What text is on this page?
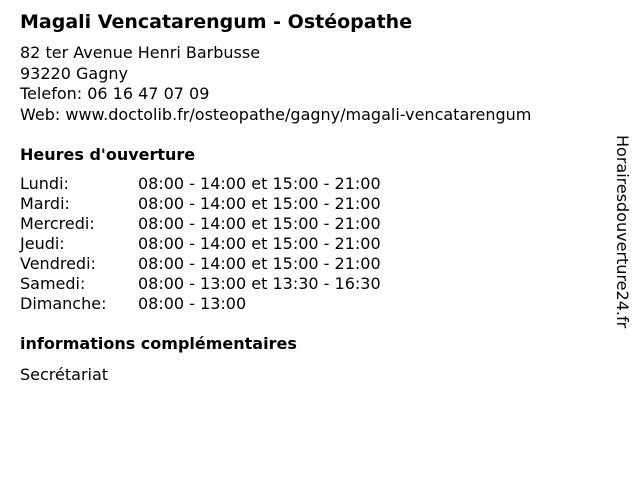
Magali Vencatarengum - Ostéopathe
82 ter Avenue Henri Barbusse
93220 Gagny
Telefon: 06 16 47 07 09
Web: www.doctolib.fr/osteopathe/gagny/magali-vencatarengum
Heures d'ouverture
Lundi:	08:00 - 14:00 et 15:00 - 21:00
Mardi:	08:00 - 14:00 et 15:00 - 21:00
Mercredi:	08:00 - 14:00 et 15:00 - 21:00
Jeudi:	08:00 - 14:00 et 15:00 - 21:00
Vendredi:	08:00 - 14:00 et 15:00 - 21:00
Samedi:	08:00 - 13:00 et 13:30 - 16:30
Dimanche:	08:00 - 13:00
informations complémentaires
Secrétariat
Horairesdouverture24.fr
